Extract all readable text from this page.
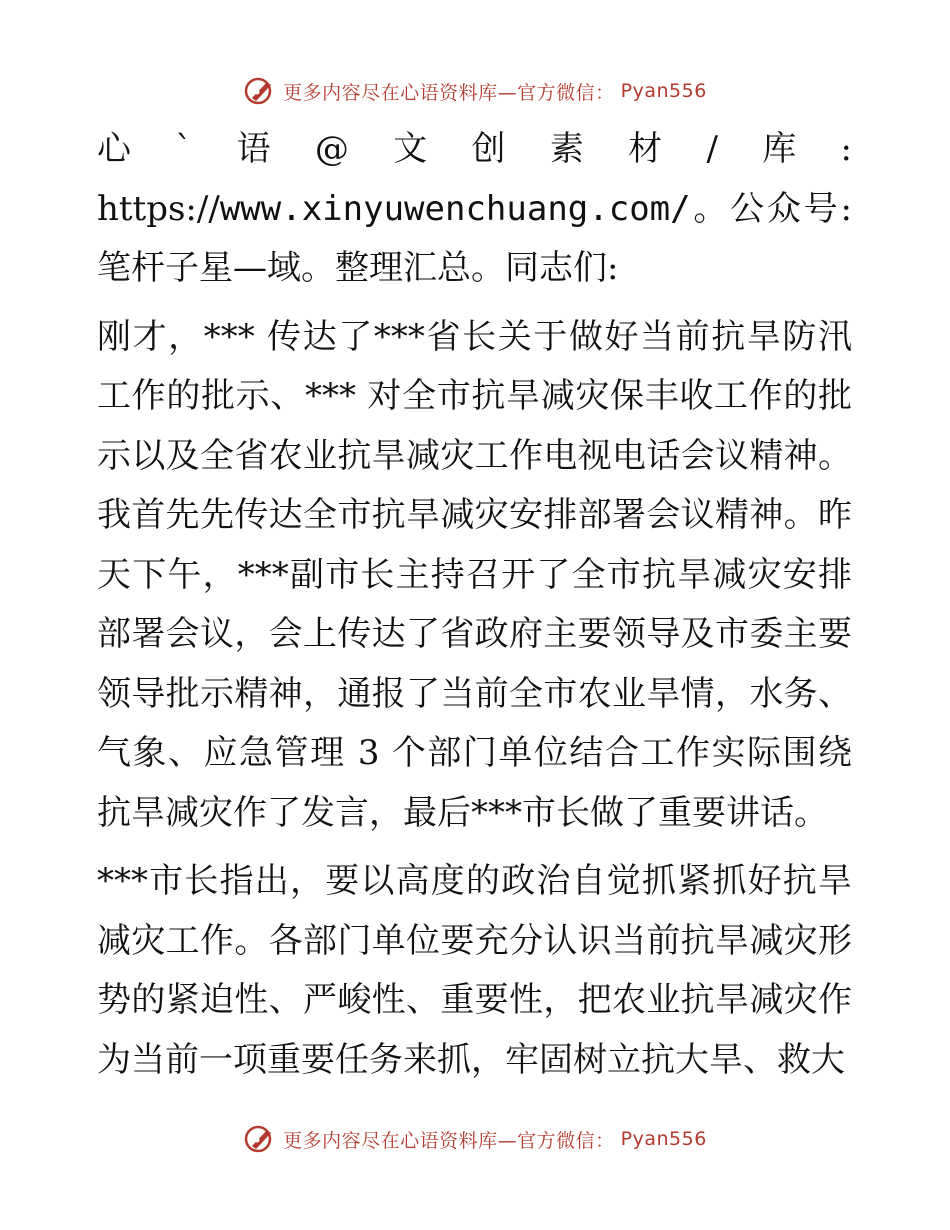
更多内容尽在心语资料库—官方微信： Pyan556

心`语@文创素材/库: https://www.xinyuwenchuang.com/。公众号: 笔杆子星—域。整理汇总。同志们:

刚才，*** 传达了***省长关于做好当前抗旱防汛工作的批示、*** 对全市抗旱减灾保丰收工作的批示以及全省农业抗旱减灾工作电视电话会议精神。我首先先传达全市抗旱减灾安排部署会议精神。昨天下午，***副市长主持召开了全市抗旱减灾安排部署会议，会上传达了省政府主要领导及市委主要领导批示精神，通报了当前全市农业旱情，水务、气象、应急管理 3 个部门单位结合工作实际围绕抗旱减灾作了发言，最后***市长做了重要讲话。

***市长指出，要以高度的政治自觉抓紧抓好抗旱减灾工作。各部门单位要充分认识当前抗旱减灾形势的紧迫性、严峻性、重要性，把农业抗旱减灾作为当前一项重要任务来抓，牢固树立抗大旱、救大

更多内容尽在心语资料库—官方微信： Pyan556
